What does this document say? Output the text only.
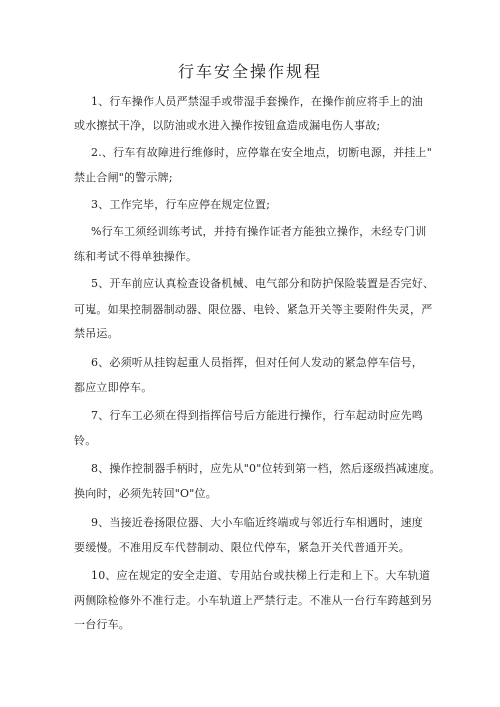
行车安全操作规程
1、行车操作人员严禁湿手或带湿手套操作，在操作前应将手上的油
或水擦拭干净，以防油或水进入操作按钮盒造成漏电伤人事故;
2.、行车有故障进行维修时，应停靠在安全地点，切断电源，并挂上"
禁止合闸"的警示牌;
3、工作完毕，行车应停在规定位置;
%行车工须经训练考试，并持有操作证者方能独立操作，未经专门训
练和考试不得单独操作。
5、开车前应认真检查设备机械、电气部分和防护保险装置是否完好、
可嵬。如果控制器制动器、限位器、电铃、紧急开关等主要附件失灵，严
禁吊运。
6、必须听从挂钩起重人员指挥，但对任何人发动的紧急停车信号，
都应立即停车。
7、行车工必须在得到指挥信号后方能进行操作，行车起动时应先鸣
铃。
8、操作控制器手柄时，应先从"0"位转到第一档，然后逐级挡减速度。
换向时，必须先转回"O"位。
9、当接近卷扬限位器、大小车临近终端或与邻近行车相遇时，速度
要缓慢。不准用反车代替制动、限位代停车，紧急开关代普通开关。
10、应在规定的安全走道、专用站台或扶梯上行走和上下。大车轨道
两侧除检修外不准行走。小车轨道上严禁行走。不准从一台行车跨越到另
一台行车。
